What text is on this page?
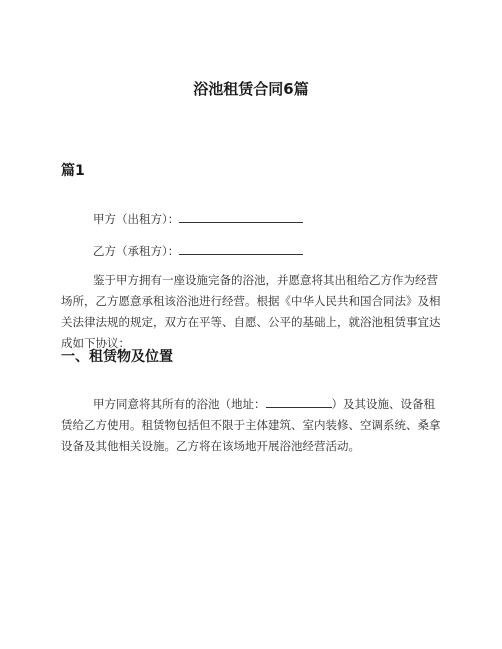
浴池租赁合同6篇
篇1
甲方（出租方）：
乙方（承租方）：

鉴于甲方拥有一座设施完备的浴池，并愿意将其出租给乙方作为经营场所，乙方愿意承租该浴池进行经营。根据《中华人民共和国合同法》及相关法律法规的规定，双方在平等、自愿、公平的基础上，就浴池租赁事宜达成如下协议：

一、租赁物及位置

甲方同意将其所有的浴池（地址：	）及其设施、设备租赁给乙方使用。租赁物包括但不限于主体建筑、室内装修、空调系统、桑拿设备及其他相关设施。乙方将在该场地开展浴池经营活动。
